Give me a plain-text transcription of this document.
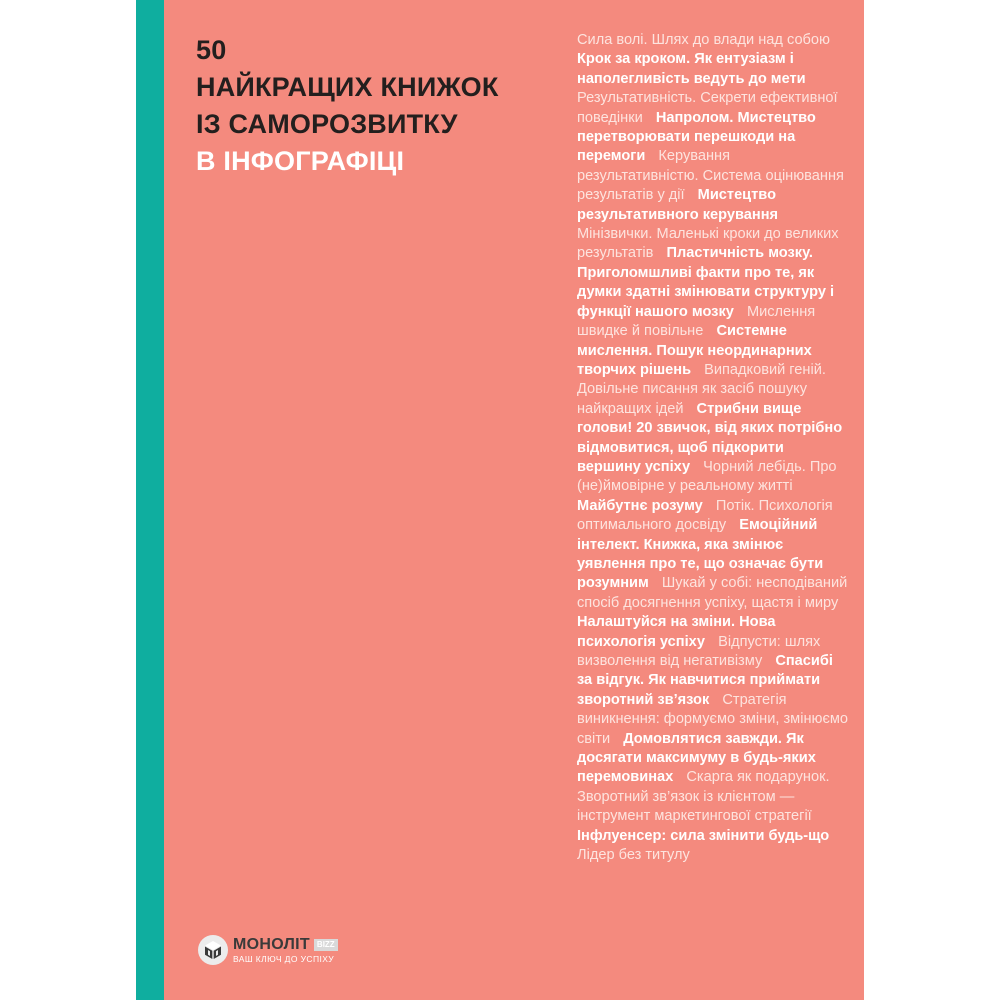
50
НАЙКРАЩИХ КНИЖОК
ІЗ САМОРОЗВИТКУ
В ІНФОГРАФІЦІ
Сила волі. Шлях до влади над собою Крок за кроком. Як ентузіазм і наполегливість ведуть до мети Результативність. Секрети ефективної поведінки Напролом. Мистецтво перетворювати перешкоди на перемоги Керування результативністю. Система оцінювання результатів у дії Мистецтво результативного керування Мінізвички. Маленькі кроки до великих результатів Пластичність мозку. Приголомшливі факти про те, як думки здатні змінювати структуру і функції нашого мозку Мислення швидке й повільне Системне мислення. Пошук неординарних творчих рішень Випадковий геній. Довільне писання як засіб пошуку найкращих ідей Стрибни вище голови! 20 звичок, від яких потрібно відмовитися, щоб підкорити вершину успіху Чорний лебідь. Про (не)ймовірне у реальному житті Майбутнє розуму Потік. Психологія оптимального досвіду Емоційний інтелект. Книжка, яка змінює уявлення про те, що означає бути розумним Шукай у собі: несподіваний спосіб досягнення успіху, щастя і миру Налаштуйся на зміни. Нова психологія успіху Відпусти: шлях визволення від негативізму Спасибі за відгук. Як навчитися приймати зворотний зв’язок Стратегія виникнення: формуємо зміни, змінюємо світи Домовлятися завжди. Як досягати максимуму в будь-яких перемовинах Скарга як подарунок. Зворотний зв’язок із клієнтом — інструмент маркетингової стратегії Інфлуенсер: сила змінити будь-що Лідер без титулу
МОНОЛІТ BIZZ
ВАШ КЛЮЧ ДО УСПІХУ
